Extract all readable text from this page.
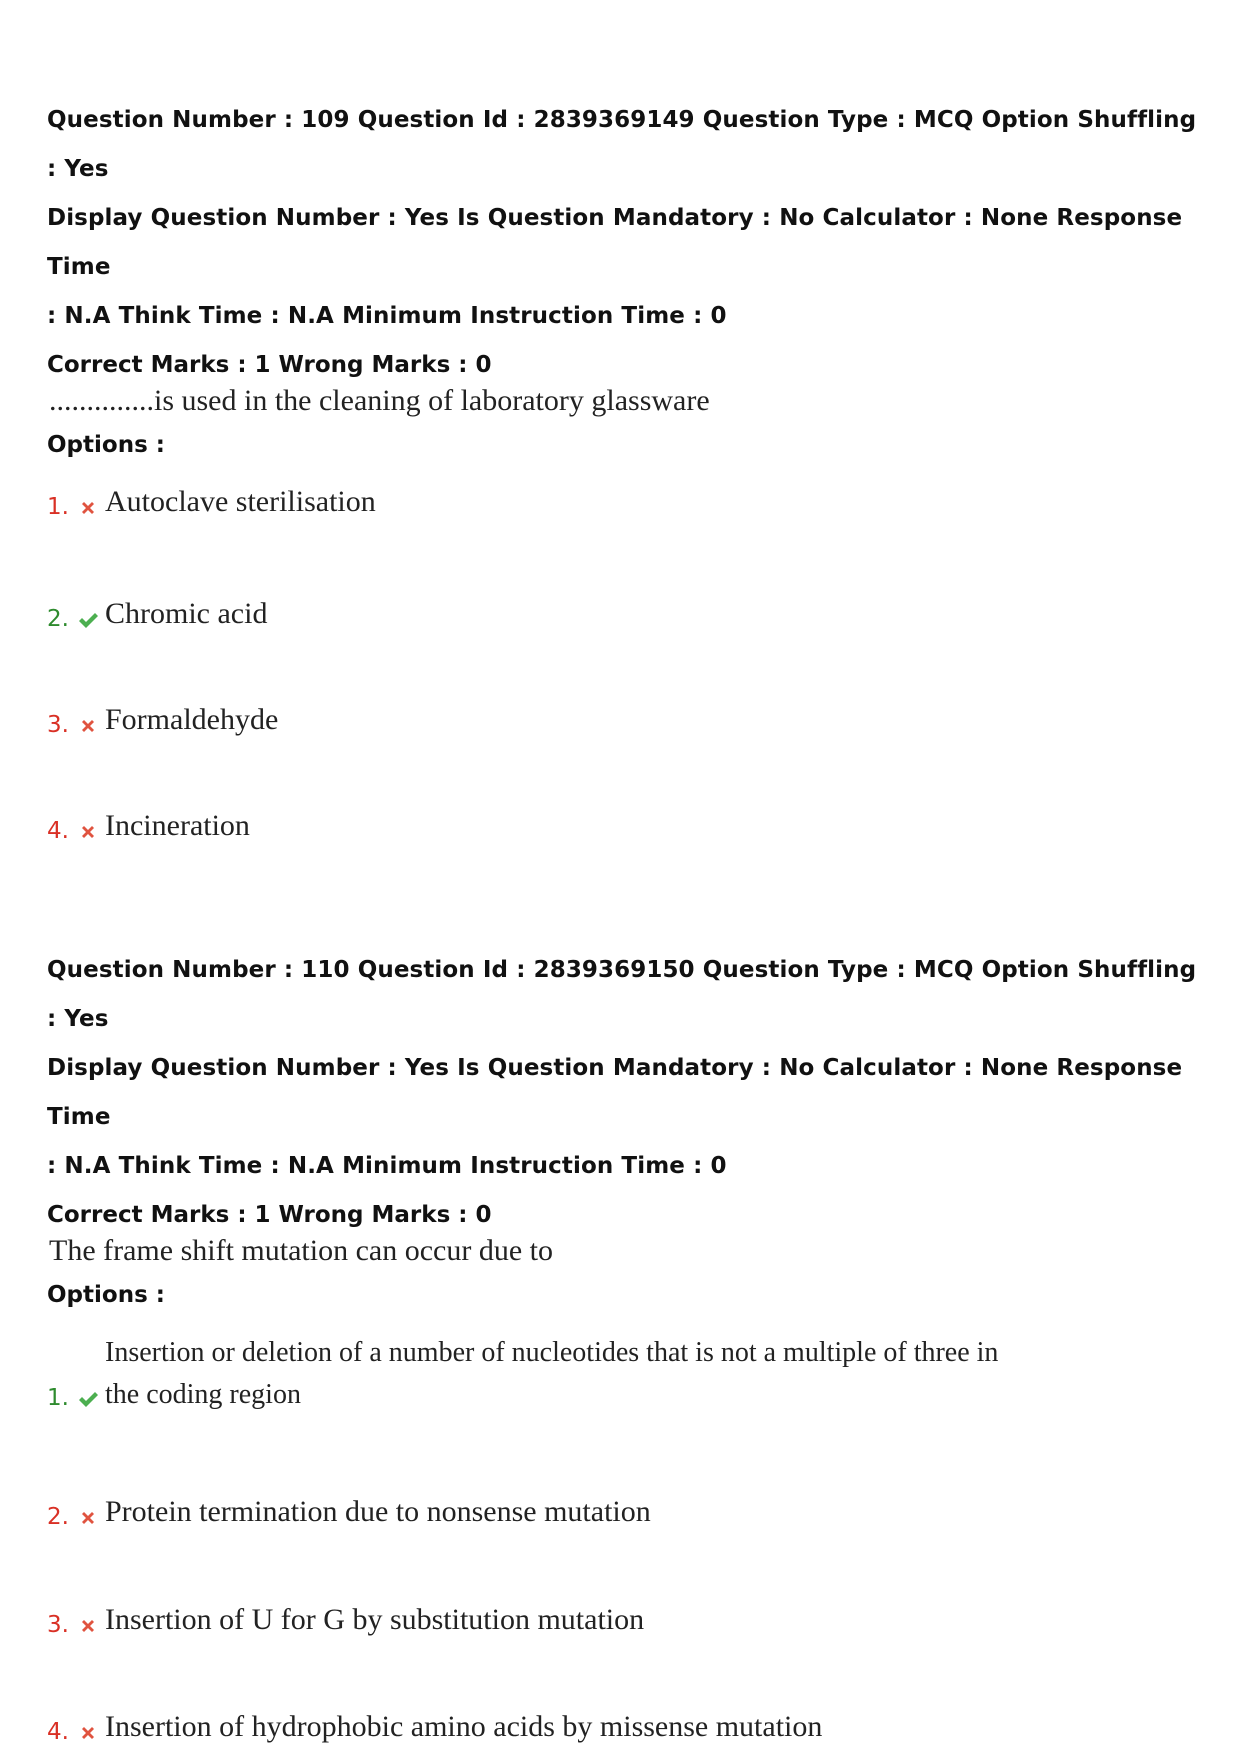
Question Number : 109 Question Id : 2839369149 Question Type : MCQ Option Shuffling : Yes
Display Question Number : Yes Is Question Mandatory : No Calculator : None Response Time
: N.A Think Time : N.A Minimum Instruction Time : 0
Correct Marks : 1 Wrong Marks : 0
..............is used in the cleaning of laboratory glassware
Options :
1. Autoclave sterilisation
2. Chromic acid
3. Formaldehyde
4. Incineration
Question Number : 110 Question Id : 2839369150 Question Type : MCQ Option Shuffling : Yes
Display Question Number : Yes Is Question Mandatory : No Calculator : None Response Time
: N.A Think Time : N.A Minimum Instruction Time : 0
Correct Marks : 1 Wrong Marks : 0
The frame shift mutation can occur due to
Options :
1.
Insertion or deletion of a number of nucleotides that is not a multiple of three in the coding region
2. Protein termination due to nonsense mutation
3. Insertion of U for G by substitution mutation
4. Insertion of hydrophobic amino acids by missense mutation
